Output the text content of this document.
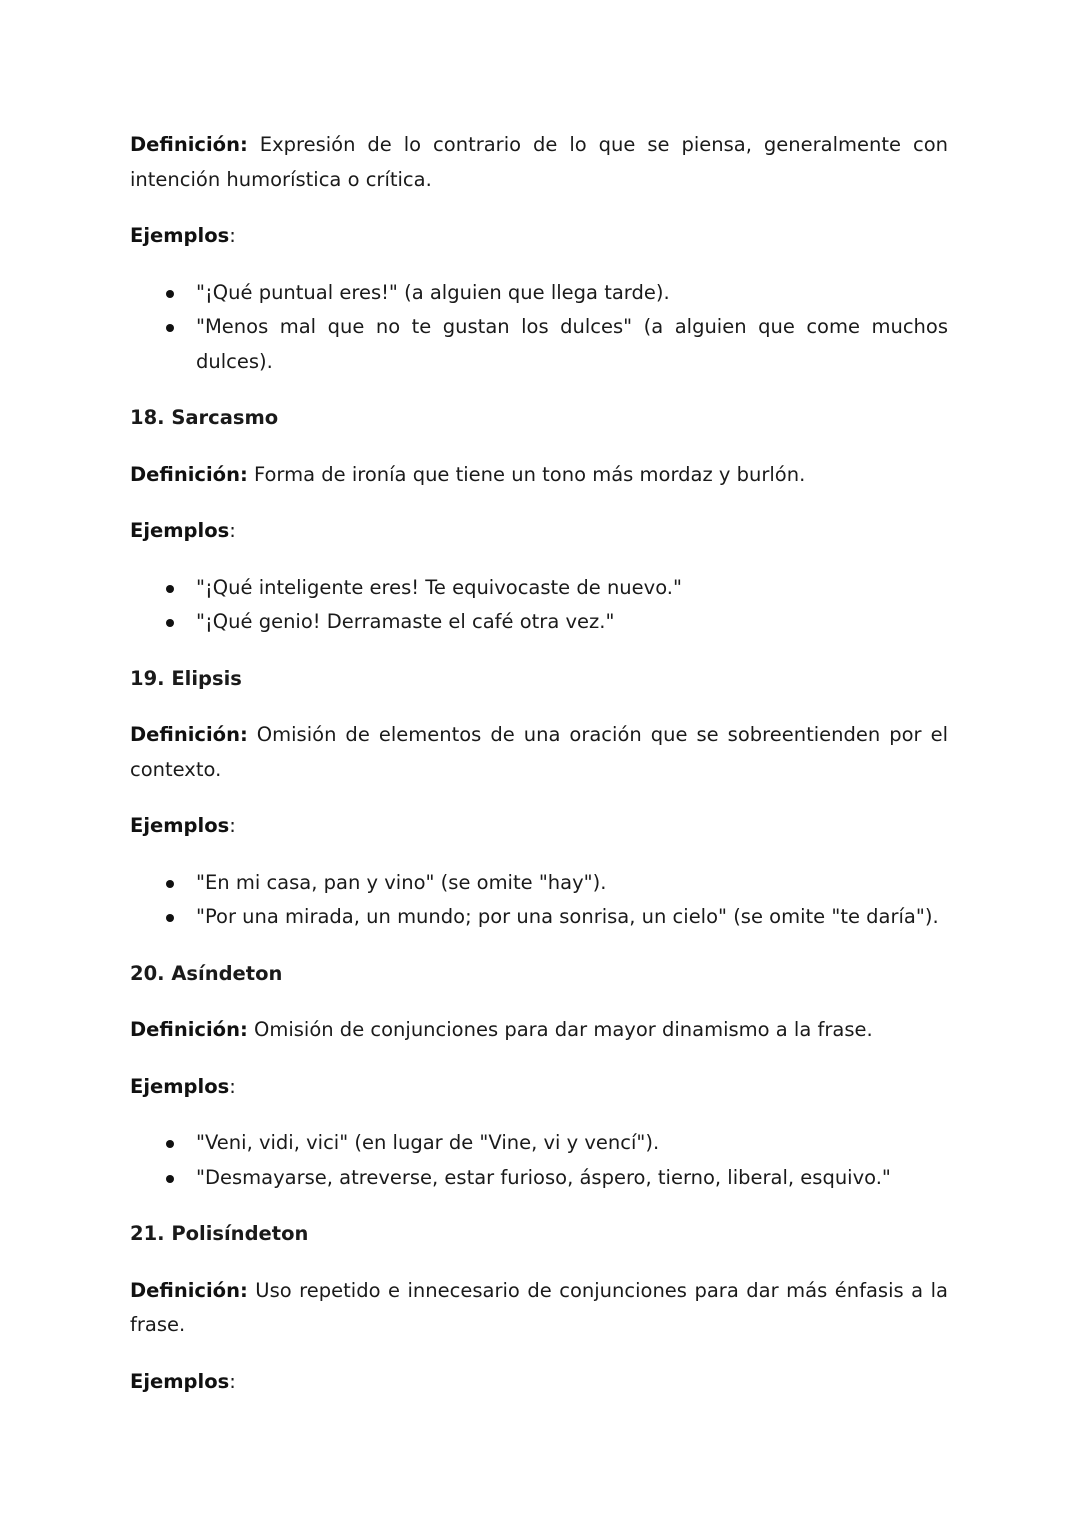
Definición: Expresión de lo contrario de lo que se piensa, generalmente con intención humorística o crítica.

Ejemplos:

"¡Qué puntual eres!" (a alguien que llega tarde).
"Menos mal que no te gustan los dulces" (a alguien que come muchos dulces).

18. Sarcasmo

Definición: Forma de ironía que tiene un tono más mordaz y burlón.

Ejemplos:

"¡Qué inteligente eres! Te equivocaste de nuevo."
"¡Qué genio! Derramaste el café otra vez."

19. Elipsis

Definición: Omisión de elementos de una oración que se sobreentienden por el contexto.

Ejemplos:

"En mi casa, pan y vino" (se omite "hay").
"Por una mirada, un mundo; por una sonrisa, un cielo" (se omite "te daría").

20. Asíndeton

Definición: Omisión de conjunciones para dar mayor dinamismo a la frase.

Ejemplos:

"Veni, vidi, vici" (en lugar de "Vine, vi y vencí").
"Desmayarse, atreverse, estar furioso, áspero, tierno, liberal, esquivo."

21. Polisíndeton

Definición: Uso repetido e innecesario de conjunciones para dar más énfasis a la frase.

Ejemplos:
